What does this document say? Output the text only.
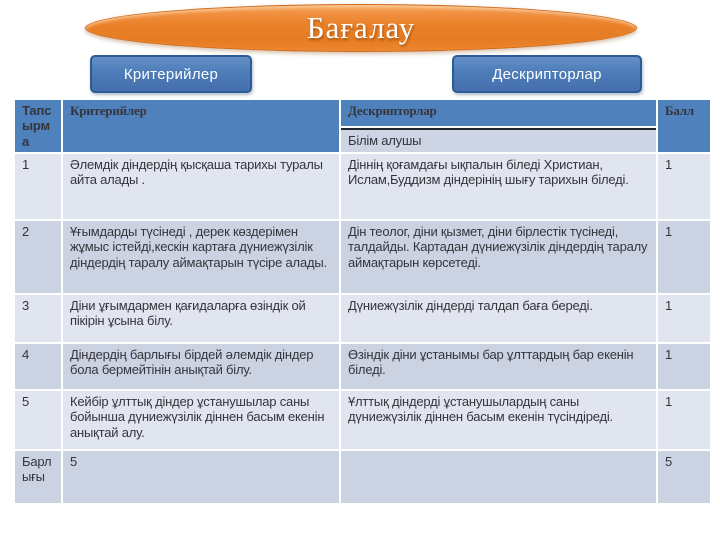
Бағалау
Критерийлер	Дескрипторлар
Тапсырма	Критерийлер	Дескрипторлар	Балл
		Білім алушы	
1	Әлемдік діндердің қысқаша тарихы туралы айта алады .	Діннің қоғамдағы ықпалын біледі Христиан, Ислам,Буддизм діндерінің шығу тарихын біледі.	1
2	Ұғымдарды түсінеді , дерек көздерімен жұмыс істейді,кескін картаға дүниежүзілік діндердің таралу аймақтарын түсіре алады.	Дін теолог, діни қызмет, діни бірлестік түсінеді, талдайды. Картадан дүниежүзілік діндердің таралу аймақтарын көрсетеді.	1
3	Діни ұғымдармен қағидаларға өзіндік ой пікірін ұсына білу.	Дүниежүзілік діндерді талдап баға береді.	1
4	Діндердің барлығы бірдей әлемдік діндер бола бермейтінін анықтай білу.	Өзіндік діни ұстанымы бар ұлттардың бар екенін біледі.	1
5	Кейбір ұлттық діндер ұстанушылар саны бойынша дүниежүзілік діннен басым екенін анықтай алу.	Ұлттық діндерді ұстанушылардың саны дүниежүзілік діннен басым екенін түсіндіреді.	1
Барлығы	5		5
